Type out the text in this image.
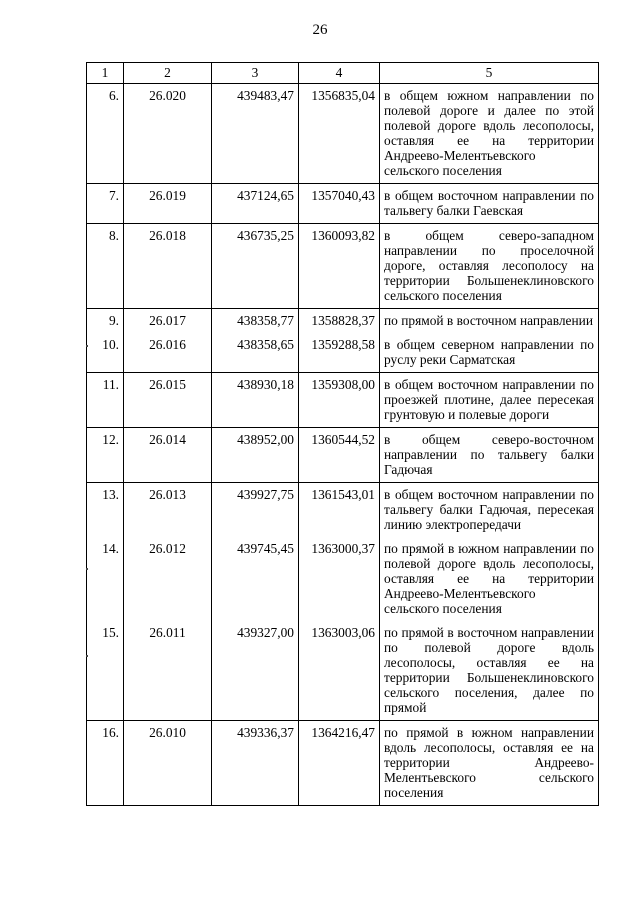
26
1	2	3	4	5
6.	26.020	439483,47	1356835,04	в общем южном направлении по полевой дороге и далее по этой полевой дороге вдоль лесополосы, оставляя ее на территории Андреево-Мелентьевского сельского поселения
7.	26.019	437124,65	1357040,43	в общем восточном направлении по тальвегу балки Гаевская
8.	26.018	436735,25	1360093,82	в общем северо-западном направлении по проселочной дороге, оставляя лесополосу на территории Большенеклиновского сельского поселения
9.	26.017	438358,77	1358828,37	по прямой в восточном направлении
10.	26.016	438358,65	1359288,58	в общем северном направлении по руслу реки Сарматская
11.	26.015	438930,18	1359308,00	в общем восточном направлении по проезжей плотине, далее пересекая грунтовую и полевые дороги
12.	26.014	438952,00	1360544,52	в общем северо-восточном направлении по тальвегу балки Гадючая
13.	26.013	439927,75	1361543,01	в общем восточном направлении по тальвегу балки Гадючая, пересекая линию электропередачи
14.	26.012	439745,45	1363000,37	по прямой в южном направлении по полевой дороге вдоль лесополосы, оставляя ее на территории Андреево-Мелентьевского сельского поселения
15.	26.011	439327,00	1363003,06	по прямой в восточном направлении по полевой дороге вдоль лесополосы, оставляя ее на территории Большенеклиновского сельского поселения, далее по прямой
16.	26.010	439336,37	1364216,47	по прямой в южном направлении вдоль лесополосы, оставляя ее на территории Андреево-Мелентьевского сельского поселения
